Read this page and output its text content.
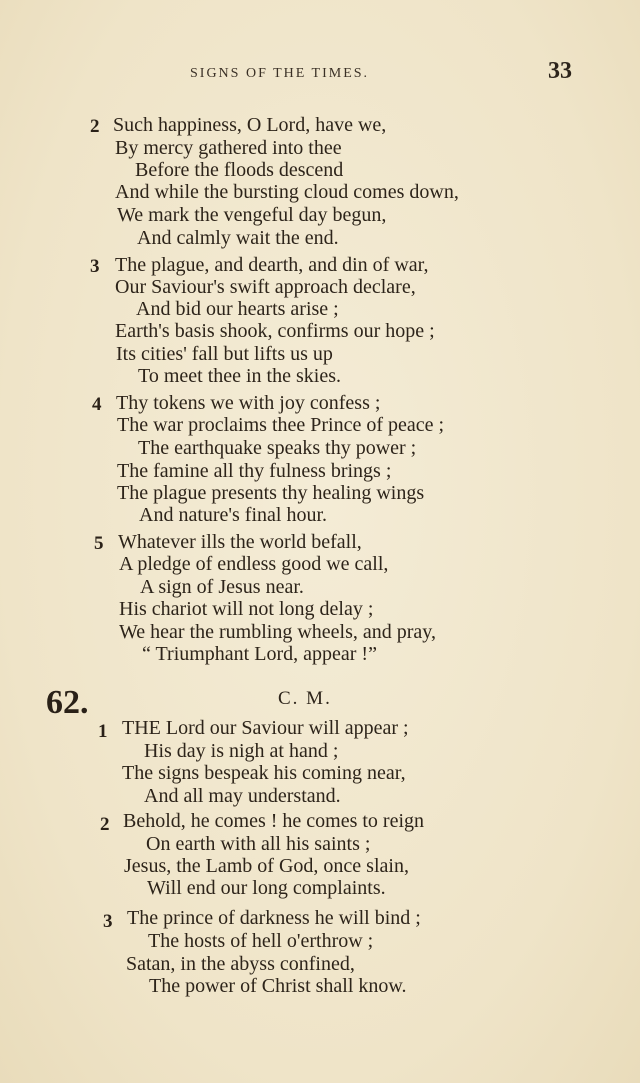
SIGNS OF THE TIMES.	33
2 Such happiness, O Lord, have we,
By mercy gathered into thee
Before the floods descend
And while the bursting cloud comes down,
We mark the vengeful day begun,
And calmly wait the end.
3 The plague, and dearth, and din of war,
Our Saviour's swift approach declare,
And bid our hearts arise ;
Earth's basis shook, confirms our hope ;
Its cities' fall but lifts us up
To meet thee in the skies.
4 Thy tokens we with joy confess ;
The war proclaims thee Prince of peace ;
The earthquake speaks thy power ;
The famine all thy fulness brings ;
The plague presents thy healing wings
And nature's final hour.
5 Whatever ills the world befall,
A pledge of endless good we call,
A sign of Jesus near.
His chariot will not long delay ;
We hear the rumbling wheels, and pray,
“ Triumphant Lord, appear !”
62.	C. M.
1 THE Lord our Saviour will appear ;
His day is nigh at hand ;
The signs bespeak his coming near,
And all may understand.
2 Behold, he comes ! he comes to reign
On earth with all his saints ;
Jesus, the Lamb of God, once slain,
Will end our long complaints.
3 The prince of darkness he will bind ;
The hosts of hell o'erthrow ;
Satan, in the abyss confined,
The power of Christ shall know.
